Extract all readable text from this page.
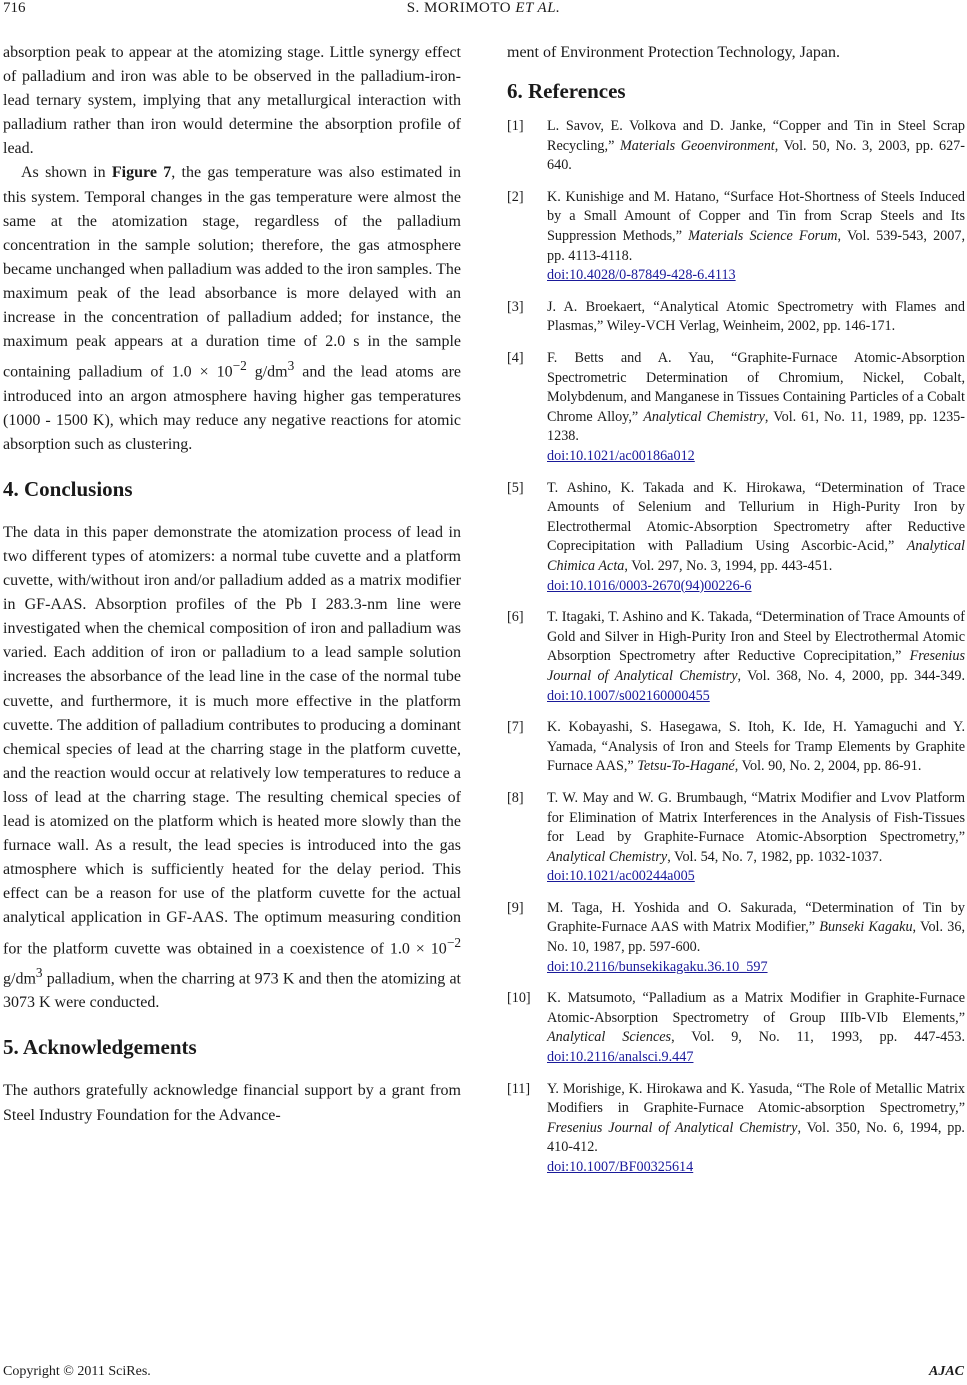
716	S. MORIMOTO ET AL.

absorption peak to appear at the atomizing stage. Little synergy effect of palladium and iron was able to be observed in the palladium-iron-lead ternary system, implying that any metallurgical interaction with palladium rather than iron would determine the absorption profile of lead.

As shown in Figure 7, the gas temperature was also estimated in this system. Temporal changes in the gas temperature were almost the same at the atomization stage, regardless of the palladium concentration in the sample solution; therefore, the gas atmosphere became unchanged when palladium was added to the iron samples. The maximum peak of the lead absorbance is more delayed with an increase in the concentration of palladium added; for instance, the maximum peak appears at a duration time of 2.0 s in the sample containing palladium of $1.0 \times 10^{-2}$ $g/dm^3$ and the lead atoms are introduced into an argon atmosphere having higher gas temperatures (1000 - 1500 K), which may reduce any negative reactions for atomic absorption such as clustering.

4. Conclusions

The data in this paper demonstrate the atomization process of lead in two different types of atomizers: a normal tube cuvette and a platform cuvette, with/without iron and/or palladium added as a matrix modifier in GF-AAS. Absorption profiles of the Pb I 283.3-nm line were investigated when the chemical composition of iron and palladium was varied. Each addition of iron or palladium to a lead sample solution increases the absorbance of the lead line in the case of the normal tube cuvette, and furthermore, it is much more effective in the platform cuvette. The addition of palladium contributes to producing a dominant chemical species of lead at the charring stage in the platform cuvette, and the reaction would occur at relatively low temperatures to reduce a loss of lead at the charring stage. The resulting chemical species of lead is atomized on the platform which is heated more slowly than the furnace wall. As a result, the lead species is introduced into the gas atmosphere which is sufficiently heated for the delay period. This effect can be a reason for use of the platform cuvette for the actual analytical application in GF-AAS. The optimum measuring condition for the platform cuvette was obtained in a coexistence of $1.0 \times 10^{-2}$ $g/dm^3$ palladium, when the charring at 973 K and then the atomizing at 3073 K were conducted.

5. Acknowledgements

The authors gratefully acknowledge financial support by a grant from Steel Industry Foundation for the Advance-

ment of Environment Protection Technology, Japan.

6. References
[1] L. Savov, E. Volkova and D. Janke, “Copper and Tin in Steel Scrap Recycling,” Materials Geoenvironment, Vol. 50, No. 3, 2003, pp. 627-640.
[2] K. Kunishige and M. Hatano, “Surface Hot-Shortness of Steels Induced by a Small Amount of Copper and Tin from Scrap Steels and Its Suppression Methods,” Materials Science Forum, Vol. 539-543, 2007, pp. 4113-4118.
doi:10.4028/0-87849-428-6.4113
[3] J. A. Broekaert, “Analytical Atomic Spectrometry with Flames and Plasmas,” Wiley-VCH Verlag, Weinheim, 2002, pp. 146-171.
[4] F. Betts and A. Yau, “Graphite-Furnace Atomic-Absorption Spectrometric Determination of Chromium, Nickel, Cobalt, Molybdenum, and Manganese in Tissues Containing Particles of a Cobalt Chrome Alloy,” Analytical Chemistry, Vol. 61, No. 11, 1989, pp. 1235-1238.
doi:10.1021/ac00186a012
[5] T. Ashino, K. Takada and K. Hirokawa, “Determination of Trace Amounts of Selenium and Tellurium in High-Purity Iron by Electrothermal Atomic-Absorption Spectrometry after Reductive Coprecipitation with Palladium Using Ascorbic-Acid,” Analytical Chimica Acta, Vol. 297, No. 3, 1994, pp. 443-451.
doi:10.1016/0003-2670(94)00226-6
[6] T. Itagaki, T. Ashino and K. Takada, “Determination of Trace Amounts of Gold and Silver in High-Purity Iron and Steel by Electrothermal Atomic Absorption Spectrometry after Reductive Coprecipitation,” Fresenius Journal of Analytical Chemistry, Vol. 368, No. 4, 2000, pp. 344-349. doi:10.1007/s002160000455
[7] K. Kobayashi, S. Hasegawa, S. Itoh, K. Ide, H. Yamaguchi and Y. Yamada, “Analysis of Iron and Steels for Tramp Elements by Graphite Furnace AAS,” Tetsu-To-Hagané, Vol. 90, No. 2, 2004, pp. 86-91.
[8] T. W. May and W. G. Brumbaugh, “Matrix Modifier and Lvov Platform for Elimination of Matrix Interferences in the Analysis of Fish-Tissues for Lead by Graphite-Furnace Atomic-Absorption Spectrometry,” Analytical Chemistry, Vol. 54, No. 7, 1982, pp. 1032-1037.
doi:10.1021/ac00244a005
[9] M. Taga, H. Yoshida and O. Sakurada, “Determination of Tin by Graphite-Furnace AAS with Matrix Modifier,” Bunseki Kagaku, Vol. 36, No. 10, 1987, pp. 597-600.
doi:10.2116/bunsekikagaku.36.10_597
[10] K. Matsumoto, “Palladium as a Matrix Modifier in Graphite-Furnace Atomic-Absorption Spectrometry of Group IIIb-VIb Elements,” Analytical Sciences, Vol. 9, No. 11, 1993, pp. 447-453. doi:10.2116/analsci.9.447
[11] Y. Morishige, K. Hirokawa and K. Yasuda, “The Role of Metallic Matrix Modifiers in Graphite-Furnace Atomic-absorption Spectrometry,” Fresenius Journal of Analytical Chemistry, Vol. 350, No. 6, 1994, pp. 410-412.
doi:10.1007/BF00325614
Copyright © 2011 SciRes.	AJAC
